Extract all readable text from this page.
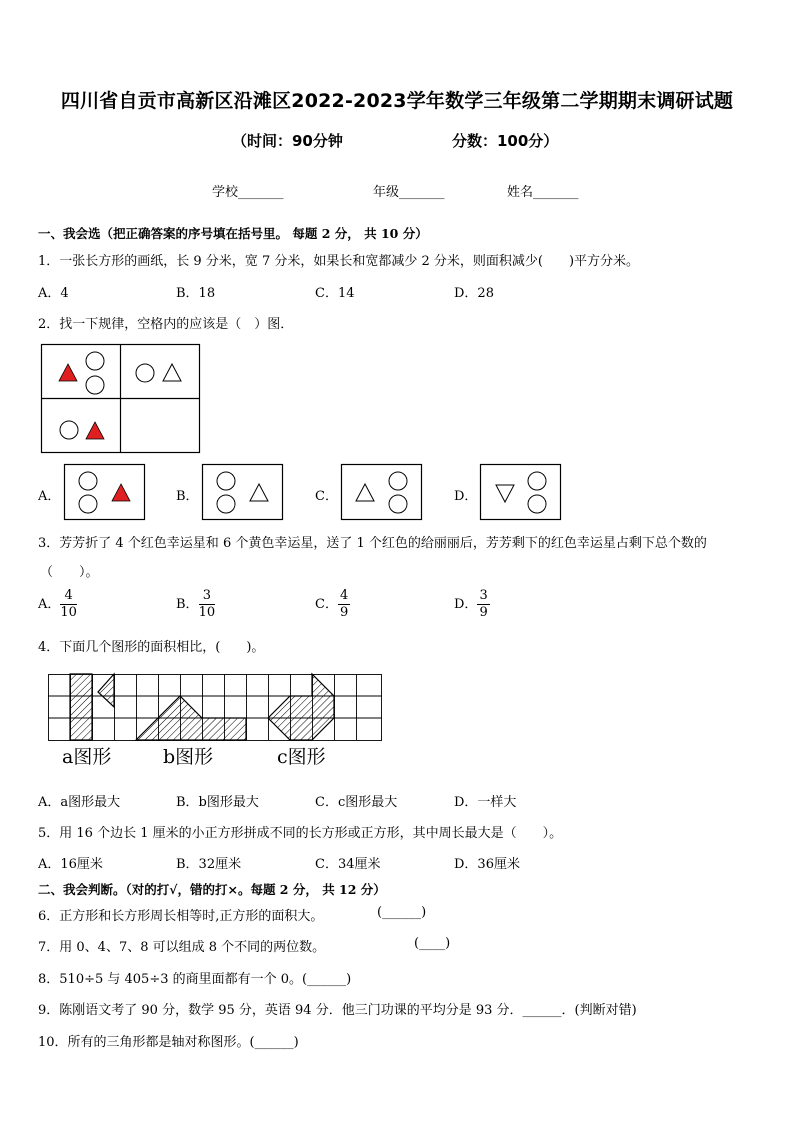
四川省自贡市高新区沿滩区2022-2023学年数学三年级第二学期期末调研试题
（时间：90分钟	分数：100分）
学校_______	年级_______	姓名_______
一、我会选（把正确答案的序号填在括号里。 每题 2 分， 共 10 分）
1．一张长方形的画纸，长 9 分米，宽 7 分米，如果长和宽都减少 2 分米，则面积减少(　　)平方分米。
A．4	B．18	C．14	D．28
2．找一下规律，空格内的应该是（　）图．
A．	B．	C．	D．
3．芳芳折了 4 个红色幸运星和 6 个黄色幸运星，送了 1 个红色的给丽丽后，芳芳剩下的红色幸运星占剩下总个数的
（　　）。
A． $\frac{4}{10}$	B． $\frac{3}{10}$	C． $\frac{4}{9}$	D． $\frac{3}{9}$
4．下面几个图形的面积相比，(　　)。
a图形	b图形	c图形
A．a图形最大	B．b图形最大	C．c图形最大	D．一样大
5．用 16 个边长 1 厘米的小正方形拼成不同的长方形或正方形，其中周长最大是（　　）。
A．16厘米	B．32厘米	C．34厘米	D．36厘米
二、我会判断。（对的打√，错的打×。每题 2 分， 共 12 分）
6．正方形和长方形周长相等时,正方形的面积大。	(______)
7．用 0、4、7、8 可以组成 8 个不同的两位数。	(____)
8．510÷5 与 405÷3 的商里面都有一个 0。(______)
9．陈刚语文考了 90 分，数学 95 分，英语 94 分．他三门功课的平均分是 93 分．______．(判断对错)
10．所有的三角形都是轴对称图形。(______)
